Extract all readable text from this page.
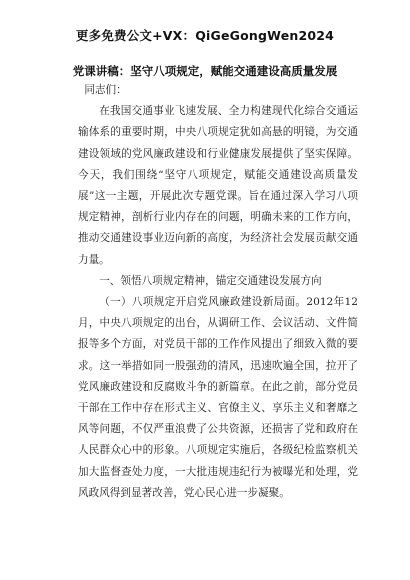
更多免费公文+VX：QiGeGongWen2024
党课讲稿：坚守八项规定，赋能交通建设高质量发展

同志们：

在我国交通事业飞速发展、全力构建现代化综合交通运输体系的重要时期，中央八项规定犹如高悬的明镜，为交通建设领域的党风廉政建设和行业健康发展提供了坚实保障。今天，我们围绕“坚守八项规定，赋能交通建设高质量发展”这一主题，开展此次专题党课。旨在通过深入学习八项规定精神，剖析行业内存在的问题，明确未来的工作方向，推动交通建设事业迈向新的高度，为经济社会发展贡献交通力量。

一、领悟八项规定精神，锚定交通建设发展方向

（一）八项规定开启党风廉政建设新局面。2012年12月，中央八项规定的出台，从调研工作、会议活动、文件简报等多个方面，对党员干部的工作作风提出了细致入微的要求。这一举措如同一股强劲的清风，迅速吹遍全国，拉开了党风廉政建设和反腐败斗争的新篇章。在此之前，部分党员干部在工作中存在形式主义、官僚主义、享乐主义和奢靡之风等问题，不仅严重浪费了公共资源，还损害了党和政府在人民群众心中的形象。八项规定实施后，各级纪检监察机关加大监督查处力度，一大批违规违纪行为被曝光和处理，党风政风得到显著改善，党心民心进一步凝聚。
